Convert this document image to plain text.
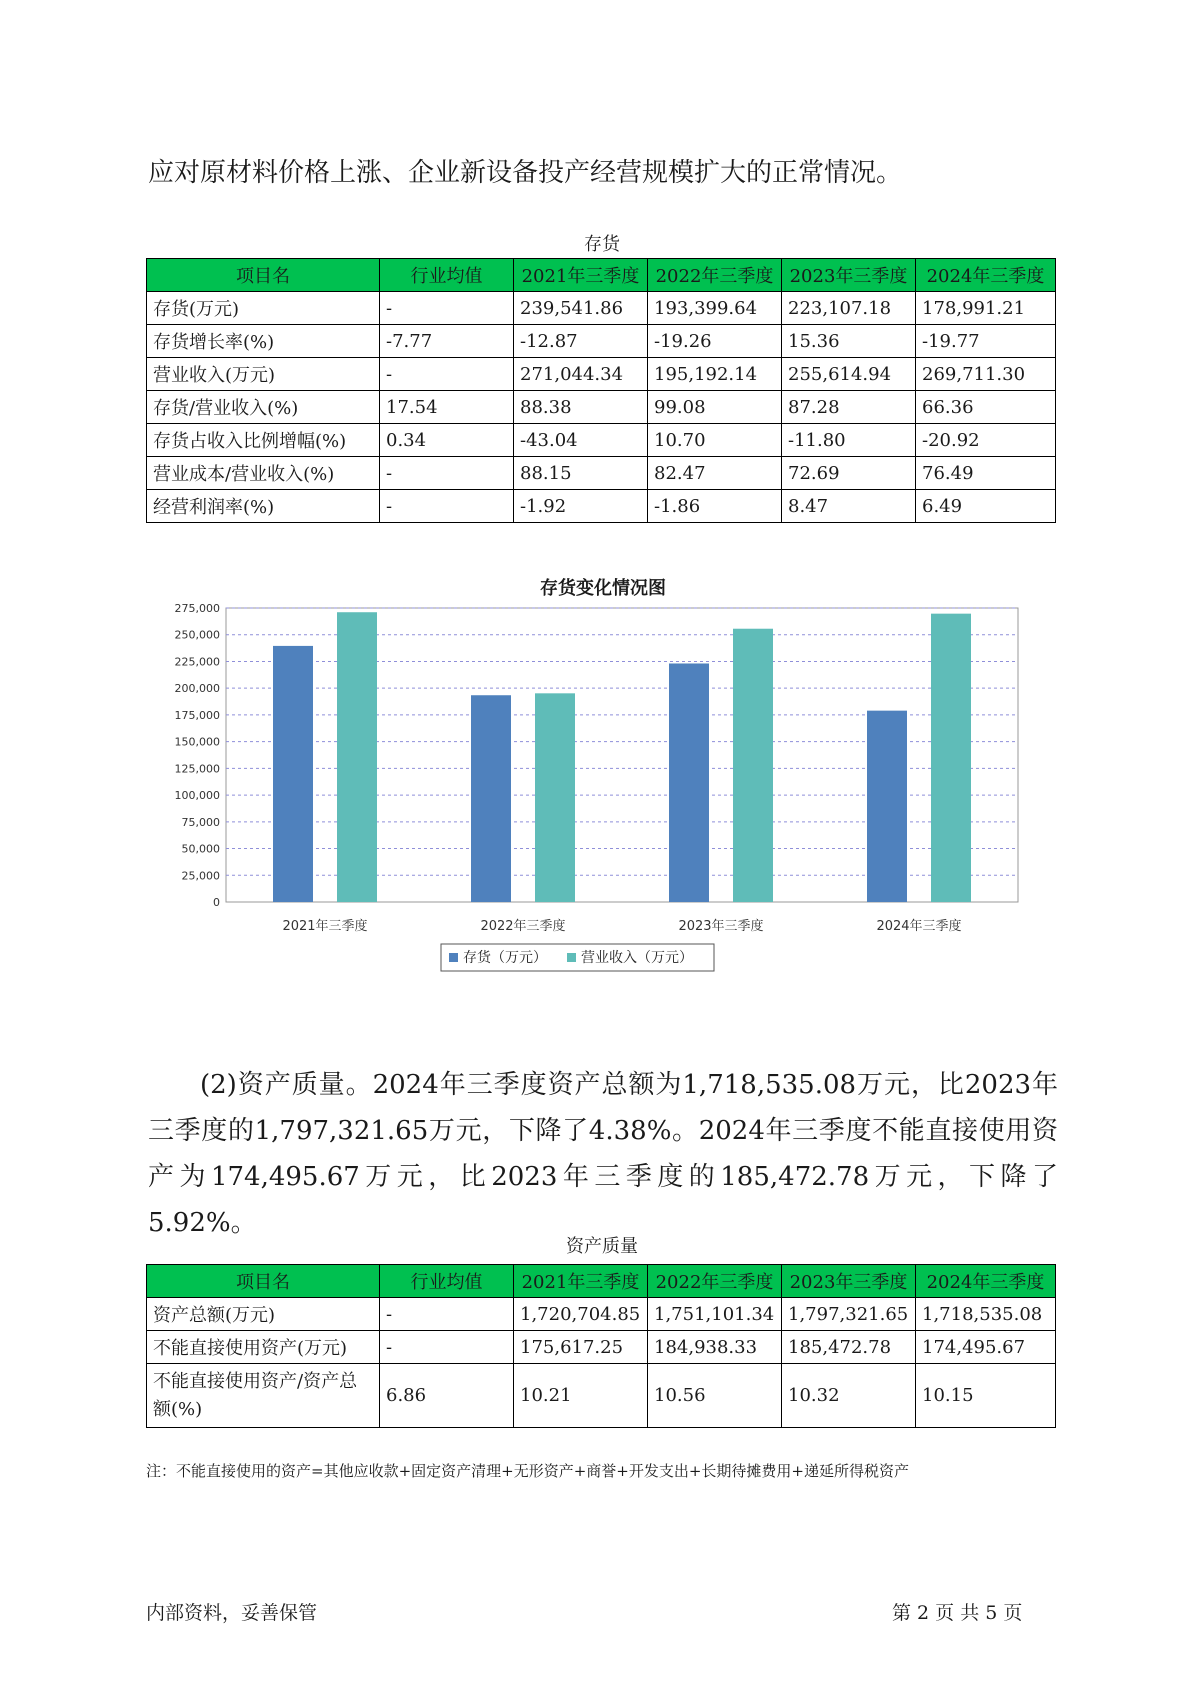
应对原材料价格上涨、企业新设备投产经营规模扩大的正常情况。

存货

项目名	行业均值	2021年三季度	2022年三季度	2023年三季度	2024年三季度
存货(万元)	-	239,541.86	193,399.64	223,107.18	178,991.21
存货增长率(%)	-7.77	-12.87	-19.26	15.36	-19.77
营业收入(万元)	-	271,044.34	195,192.14	255,614.94	269,711.30
存货/营业收入(%)	17.54	88.38	99.08	87.28	66.36
存货占收入比例增幅(%)	0.34	-43.04	10.70	-11.80	-20.92
营业成本/营业收入(%)	-	88.15	82.47	72.69	76.49
经营利润率(%)	-	-1.92	-1.86	8.47	6.49
存货变化情况图
0
25,000
50,000
75,000
100,000
125,000
150,000
175,000
200,000
225,000
250,000
275,000
2021年三季度	2022年三季度	2023年三季度	2024年三季度
存货（万元） 营业收入（万元）

(2)资产质量。2024年三季度资产总额为1,718,535.08万元，比2023年三季度的1,797,321.65万元，下降了4.38%。2024年三季度不能直接使用资产为174,495.67万元，比2023年三季度的185,472.78万元，下降了5.92%。

资产质量

项目名	行业均值	2021年三季度	2022年三季度	2023年三季度	2024年三季度
资产总额(万元)	-	1,720,704.85	1,751,101.34	1,797,321.65	1,718,535.08
不能直接使用资产(万元)	-	175,617.25	184,938.33	185,472.78	174,495.67
不能直接使用资产/资产总额(%)	6.86	10.21	10.56	10.32	10.15

注：不能直接使用的资产=其他应收款+固定资产清理+无形资产+商誉+开发支出+长期待摊费用+递延所得税资产

内部资料，妥善保管	第 2 页 共 5 页
